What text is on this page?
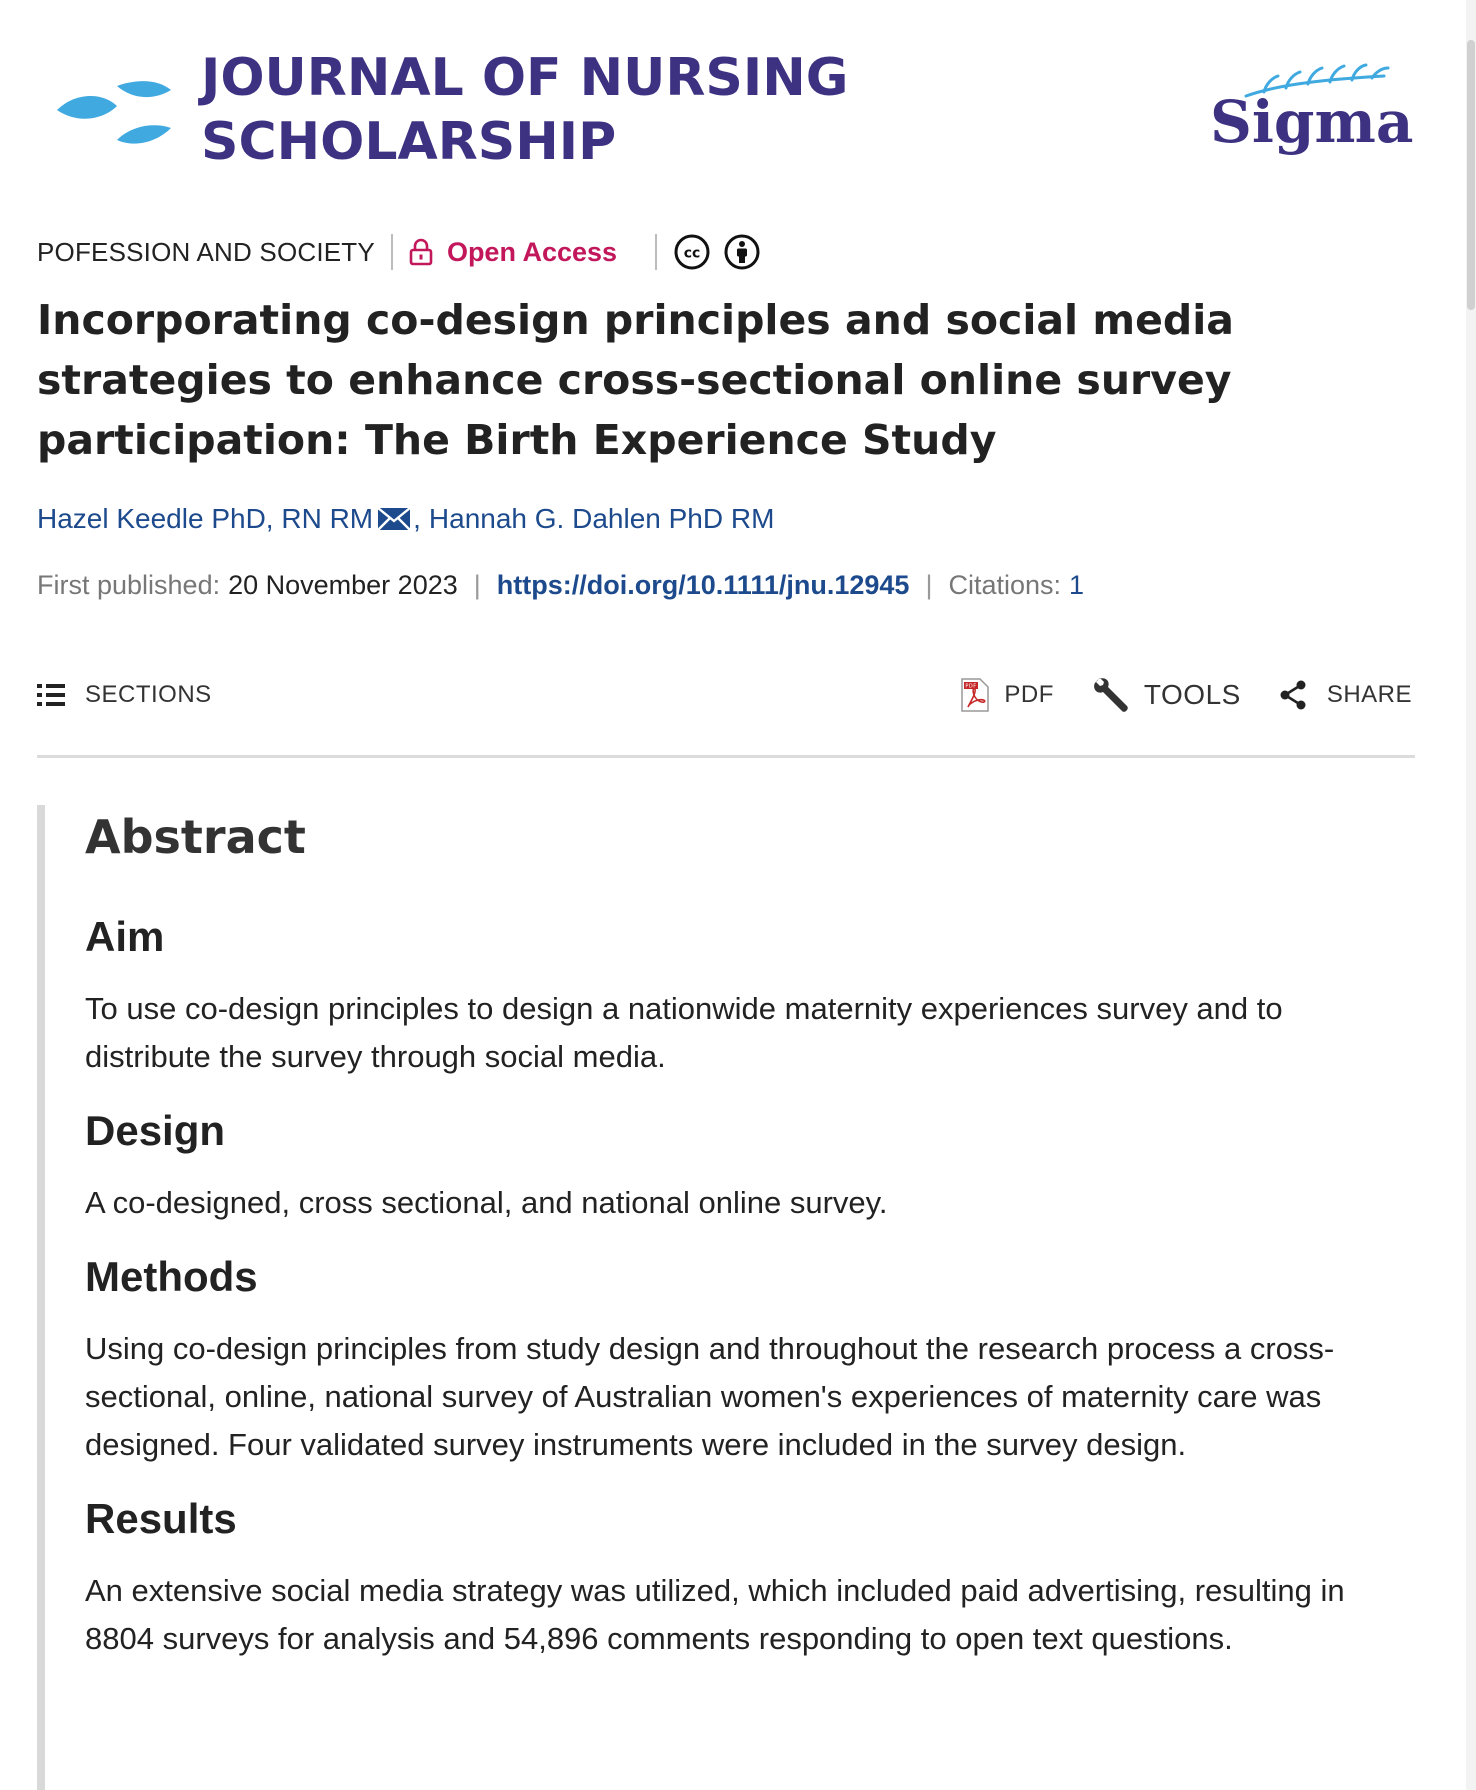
JOURNAL OF NURSING
SCHOLARSHIP	Sigma
POFESSION AND SOCIETY	Open Access	cc
Incorporating co-design principles and social media strategies to enhance cross-sectional online survey participation: The Birth Experience Study
Hazel Keedle PhD, RN RM , Hannah G. Dahlen PhD RM
First published: 20 November 2023 | https://doi.org/10.1111/jnu.12945 | Citations: 1
SECTIONS	PDF PDF	TOOLS	SHARE
Abstract
Aim

To use co-design principles to design a nationwide maternity experiences survey and to distribute the survey through social media.

Design

A co-designed, cross sectional, and national online survey.

Methods

Using co-design principles from study design and throughout the research process a cross-sectional, online, national survey of Australian women's experiences of maternity care was designed. Four validated survey instruments were included in the survey design.

Results

An extensive social media strategy was utilized, which included paid advertising, resulting in 8804 surveys for analysis and 54,896 comments responding to open text questions.
